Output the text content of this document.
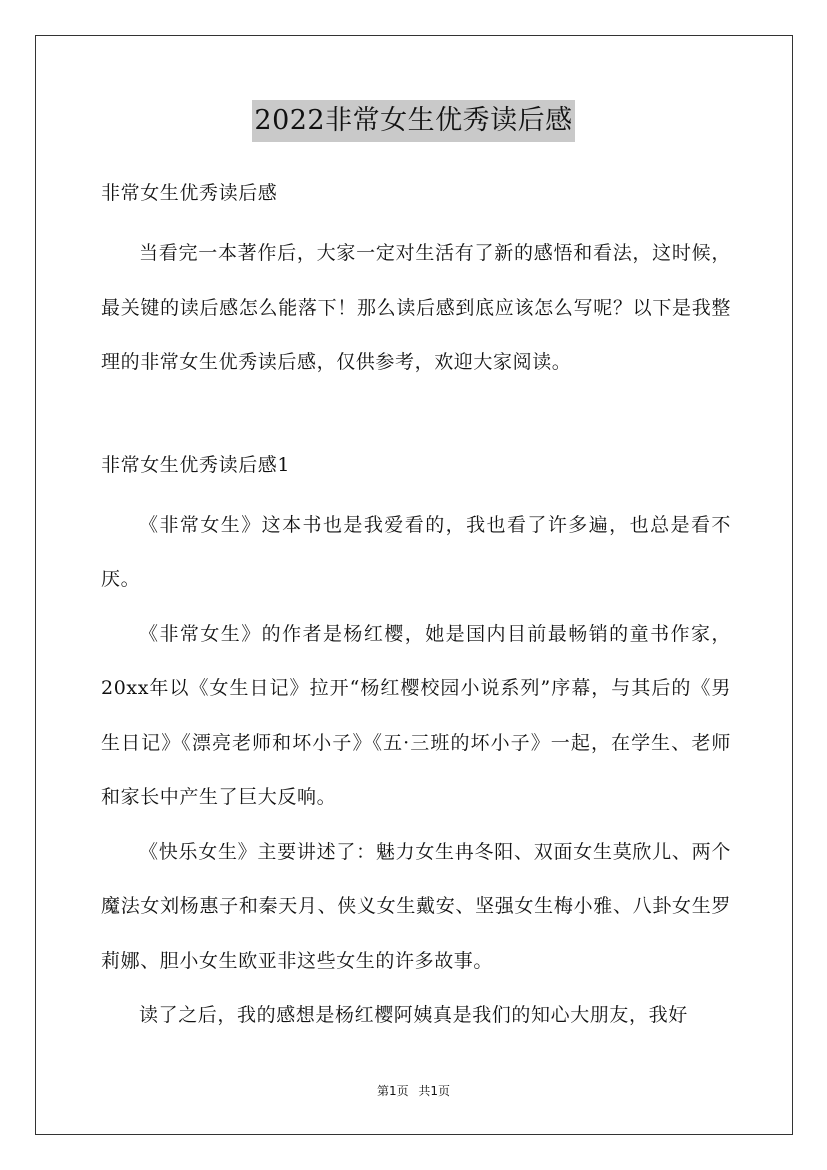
2022非常女生优秀读后感
非常女生优秀读后感
当看完一本著作后，大家一定对生活有了新的感悟和看法，这时候，最关键的读后感怎么能落下！那么读后感到底应该怎么写呢？以下是我整理的非常女生优秀读后感，仅供参考，欢迎大家阅读。
非常女生优秀读后感1
《非常女生》这本书也是我爱看的，我也看了许多遍，也总是看不厌。
《非常女生》的作者是杨红樱，她是国内目前最畅销的童书作家，20xx年以《女生日记》拉开“杨红樱校园小说系列”序幕，与其后的《男生日记》《漂亮老师和坏小子》《五·三班的坏小子》一起，在学生、老师和家长中产生了巨大反响。
《快乐女生》主要讲述了：魅力女生冉冬阳、双面女生莫欣儿、两个魔法女刘杨惠子和秦天月、侠义女生戴安、坚强女生梅小雅、八卦女生罗莉娜、胆小女生欧亚非这些女生的许多故事。
读了之后，我的感想是杨红樱阿姨真是我们的知心大朋友，我好
第1页 共1页
